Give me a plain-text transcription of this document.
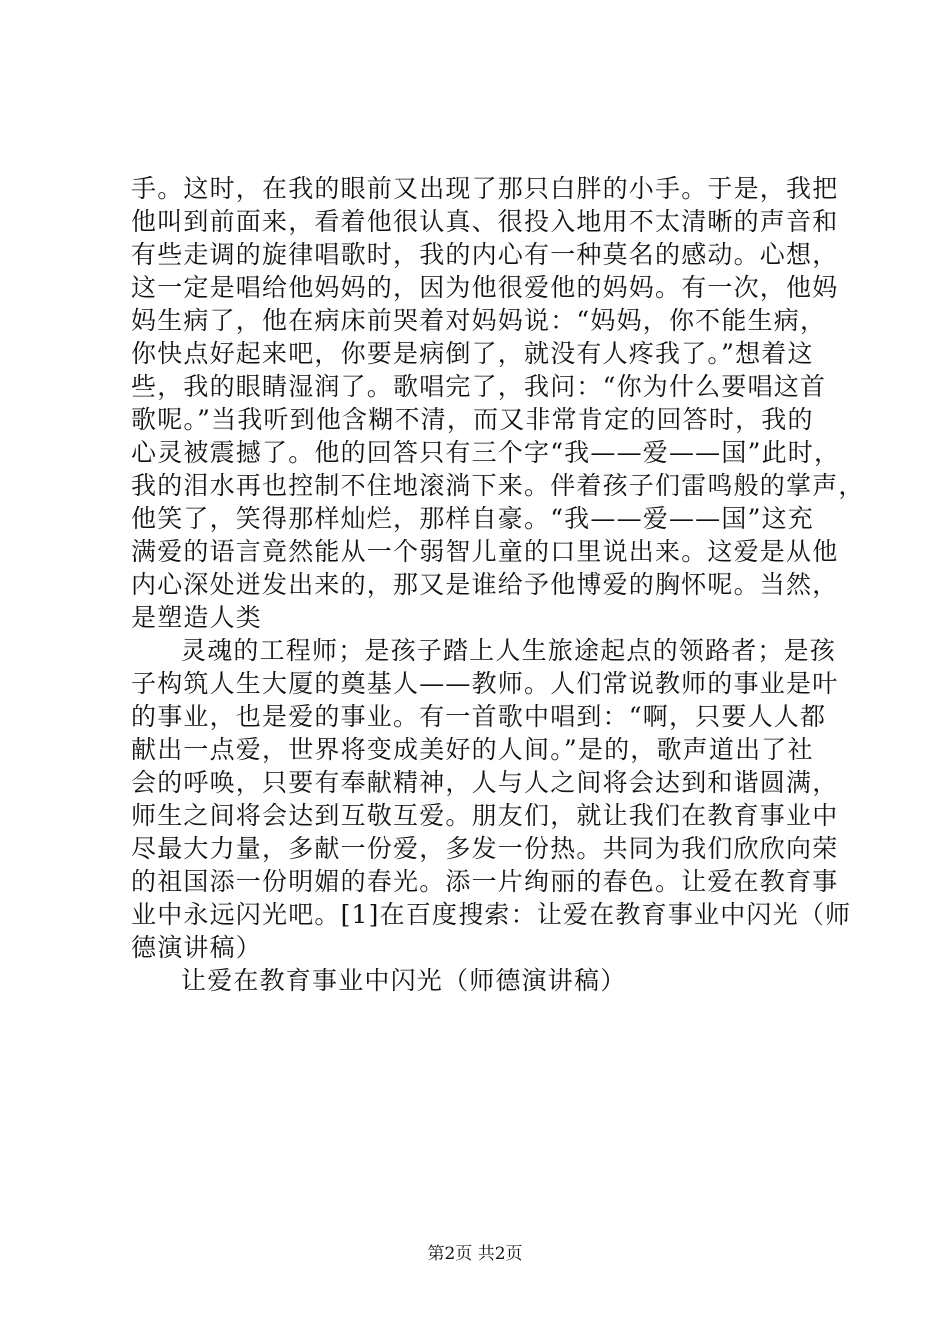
手。这时，在我的眼前又出现了那只白胖的小手。于是，我把
他叫到前面来，看着他很认真、很投入地用不太清晰的声音和
有些走调的旋律唱歌时，我的内心有一种莫名的感动。心想，
这一定是唱给他妈妈的，因为他很爱他的妈妈。有一次，他妈
妈生病了，他在病床前哭着对妈妈说：“妈妈，你不能生病，
你快点好起来吧，你要是病倒了，就没有人疼我了。”想着这
些，我的眼睛湿润了。歌唱完了，我问：“你为什么要唱这首
歌呢。”当我听到他含糊不清，而又非常肯定的回答时，我的
心灵被震撼了。他的回答只有三个字“我——爱——国”此时，
我的泪水再也控制不住地滚淌下来。伴着孩子们雷鸣般的掌声，
他笑了，笑得那样灿烂，那样自豪。“我——爱——国”这充
满爱的语言竟然能从一个弱智儿童的口里说出来。这爱是从他
内心深处迸发出来的，那又是谁给予他博爱的胸怀呢。当然，
是塑造人类
灵魂的工程师；是孩子踏上人生旅途起点的领路者；是孩
子构筑人生大厦的奠基人——教师。人们常说教师的事业是叶
的事业，也是爱的事业。有一首歌中唱到：“啊，只要人人都
献出一点爱，世界将变成美好的人间。”是的，歌声道出了社
会的呼唤，只要有奉献精神，人与人之间将会达到和谐圆满，
师生之间将会达到互敬互爱。朋友们，就让我们在教育事业中
尽最大力量，多献一份爱，多发一份热。共同为我们欣欣向荣
的祖国添一份明媚的春光。添一片绚丽的春色。让爱在教育事
业中永远闪光吧。[1]在百度搜索：让爱在教育事业中闪光（师
德演讲稿）
让爱在教育事业中闪光（师德演讲稿）
第2页 共2页
